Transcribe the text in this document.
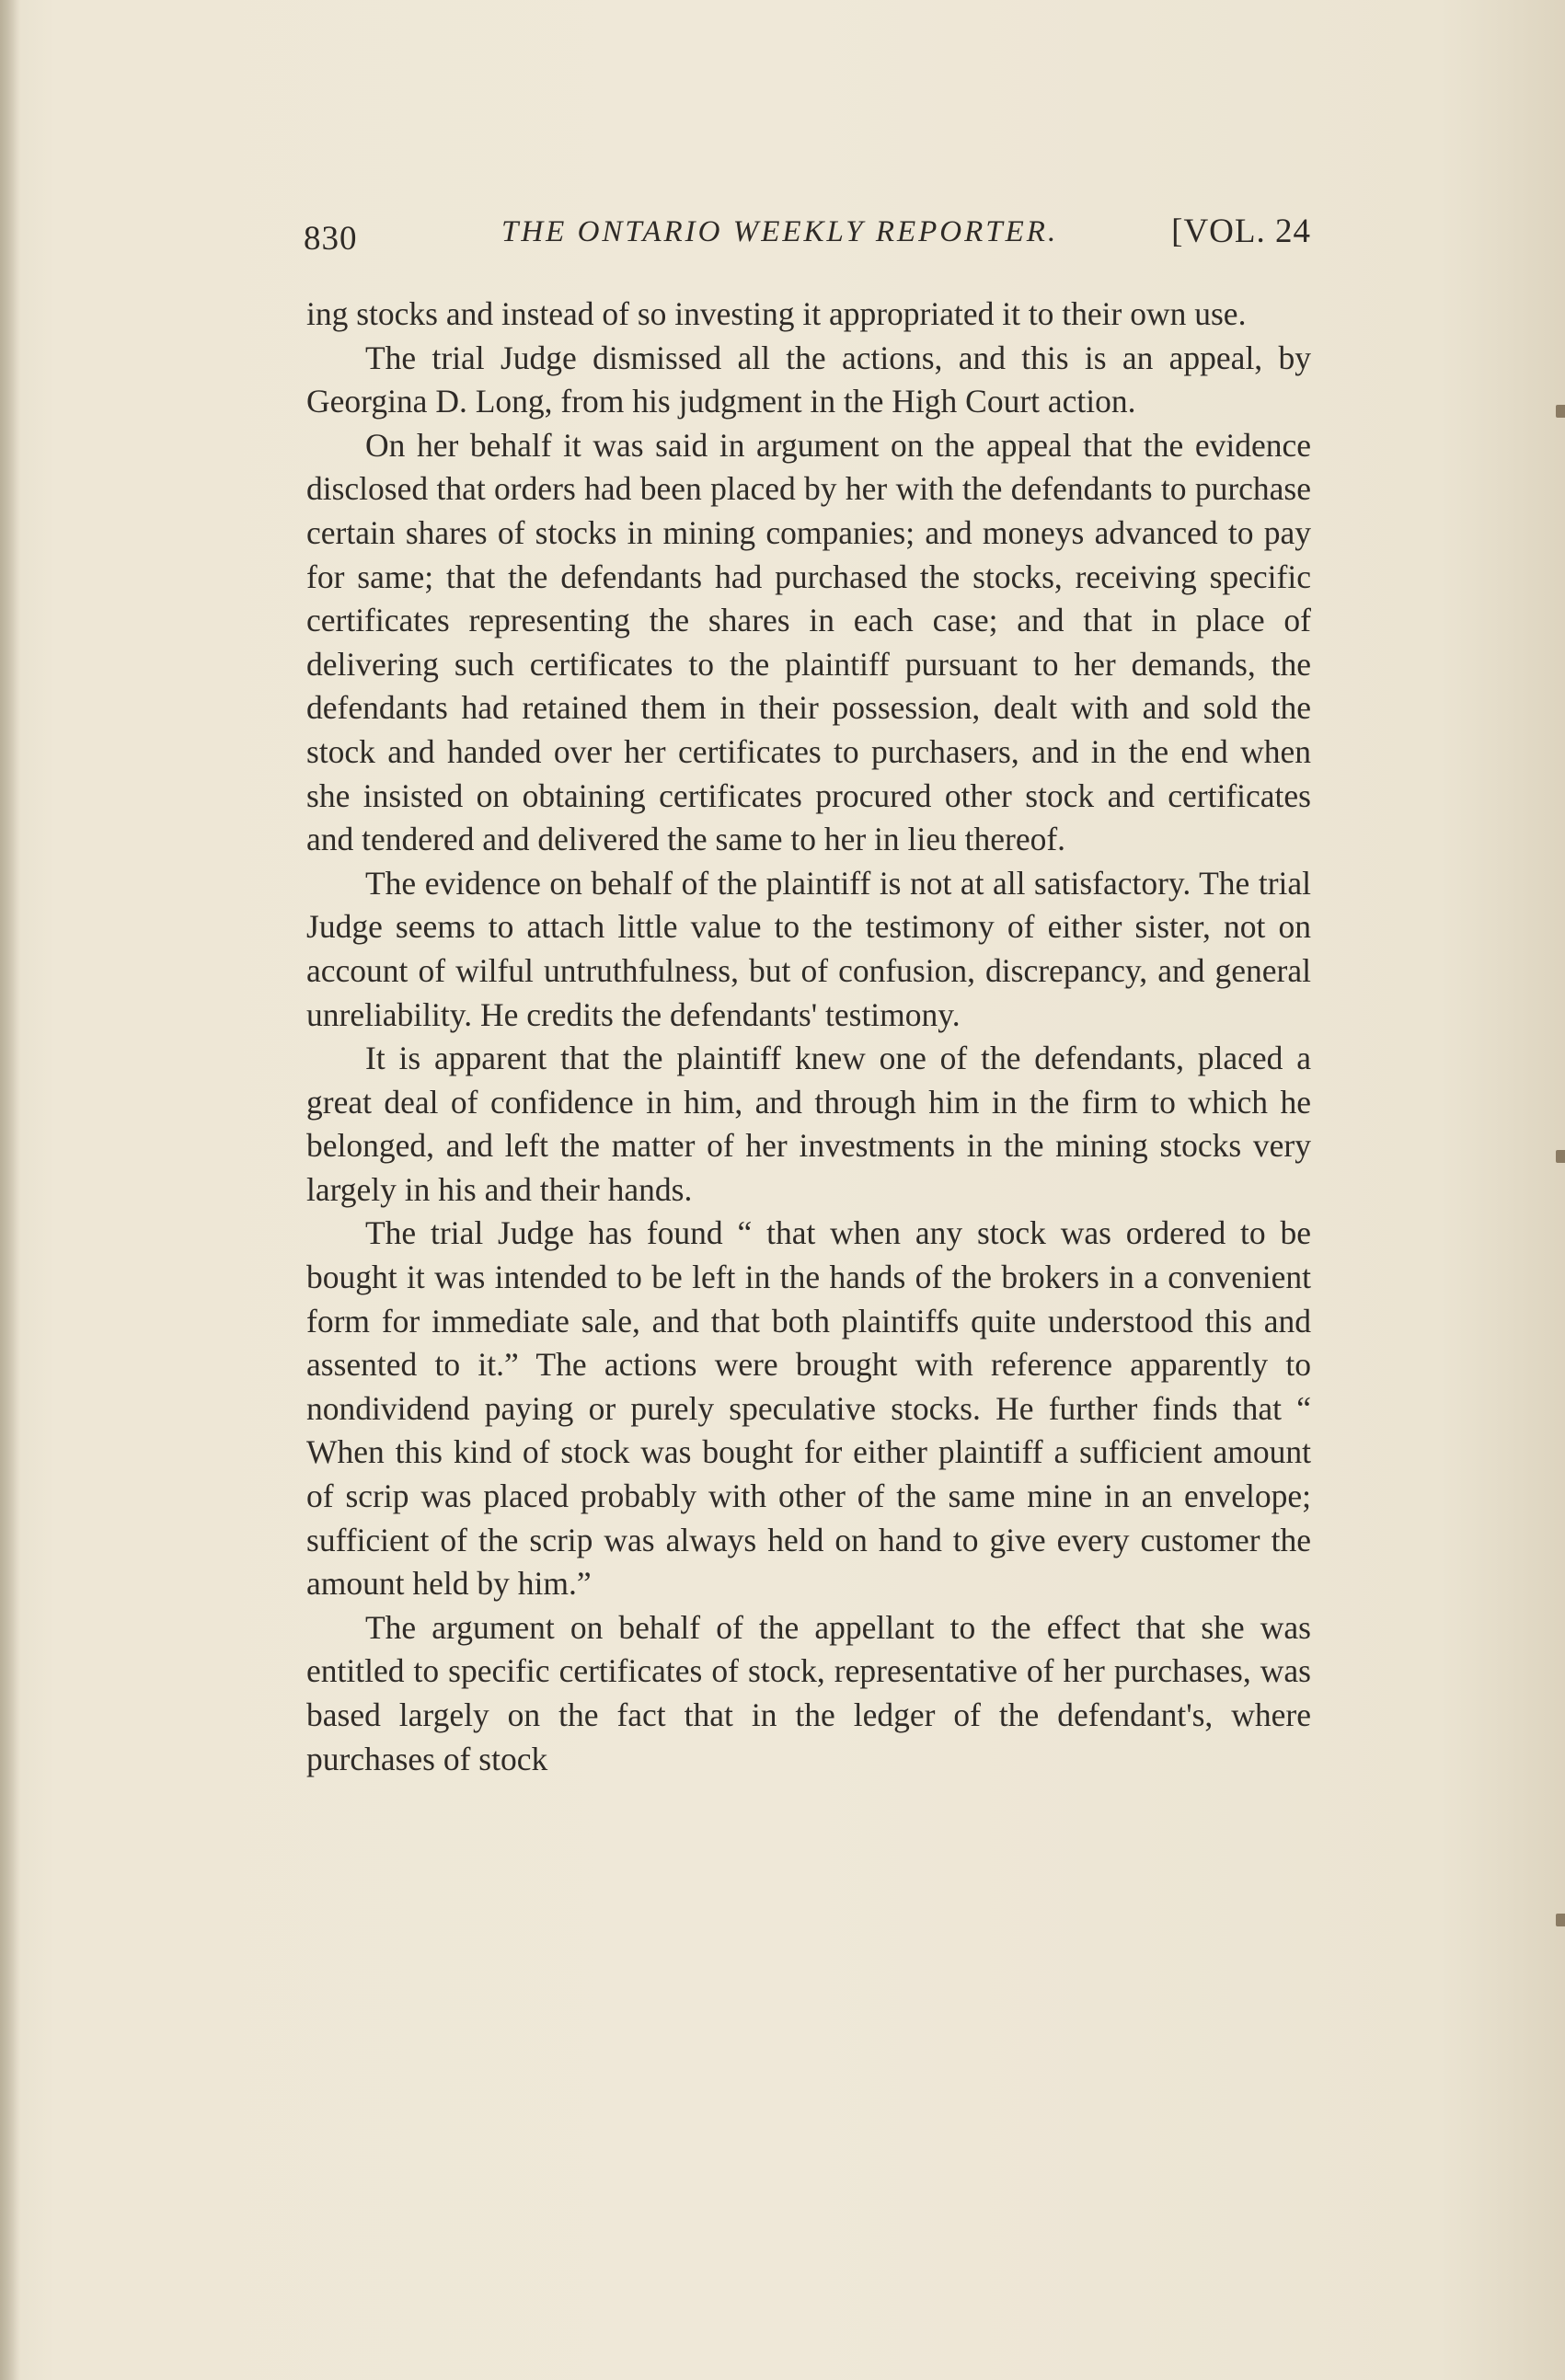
830	THE ONTARIO WEEKLY REPORTER.	[VOL. 24

ing stocks and instead of so investing it appropriated it to their own use.

The trial Judge dismissed all the actions, and this is an appeal, by Georgina D. Long, from his judgment in the High Court action.

On her behalf it was said in argument on the appeal that the evidence disclosed that orders had been placed by her with the defendants to purchase certain shares of stocks in mining companies; and moneys advanced to pay for same; that the defendants had purchased the stocks, receiving specific certificates representing the shares in each case; and that in place of delivering such certificates to the plaintiff pursuant to her demands, the defendants had retained them in their possession, dealt with and sold the stock and handed over her certificates to purchasers, and in the end when she insisted on obtaining certificates procured other stock and certificates and tendered and delivered the same to her in lieu thereof.

The evidence on behalf of the plaintiff is not at all satisfactory. The trial Judge seems to attach little value to the testimony of either sister, not on account of wilful untruthfulness, but of confusion, discrepancy, and general unreliability. He credits the defendants' testimony.

It is apparent that the plaintiff knew one of the defendants, placed a great deal of confidence in him, and through him in the firm to which he belonged, and left the matter of her investments in the mining stocks very largely in his and their hands.

The trial Judge has found “ that when any stock was ordered to be bought it was intended to be left in the hands of the brokers in a convenient form for immediate sale, and that both plaintiffs quite understood this and assented to it.” The actions were brought with reference apparently to nondividend paying or purely speculative stocks. He further finds that “ When this kind of stock was bought for either plaintiff a sufficient amount of scrip was placed probably with other of the same mine in an envelope; sufficient of the scrip was always held on hand to give every customer the amount held by him.”

The argument on behalf of the appellant to the effect that she was entitled to specific certificates of stock, representative of her purchases, was based largely on the fact that in the ledger of the defendant's, where purchases of stock
